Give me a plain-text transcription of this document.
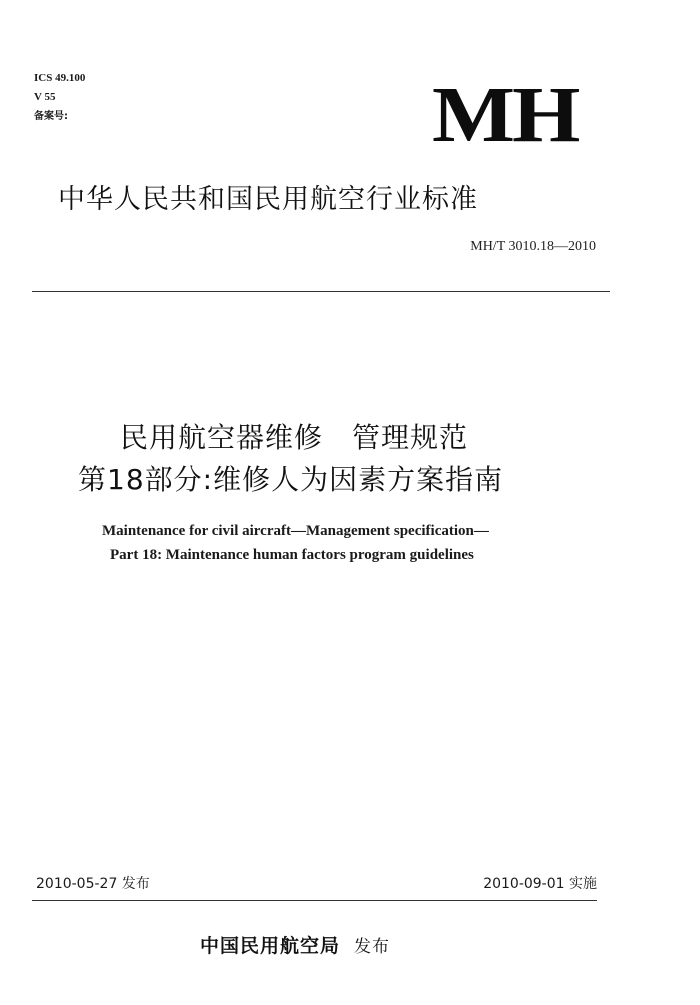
ICS 49.100
V 55
备案号:	MH
中华人民共和国民用航空行业标准
MH/T 3010.18—2010
民用航空器维修　管理规范
第18部分:维修人为因素方案指南
Maintenance for civil aircraft—Management specification—
Part 18: Maintenance human factors program guidelines
2010-05-27 发布	2010-09-01 实施
中国民用航空局 发布
